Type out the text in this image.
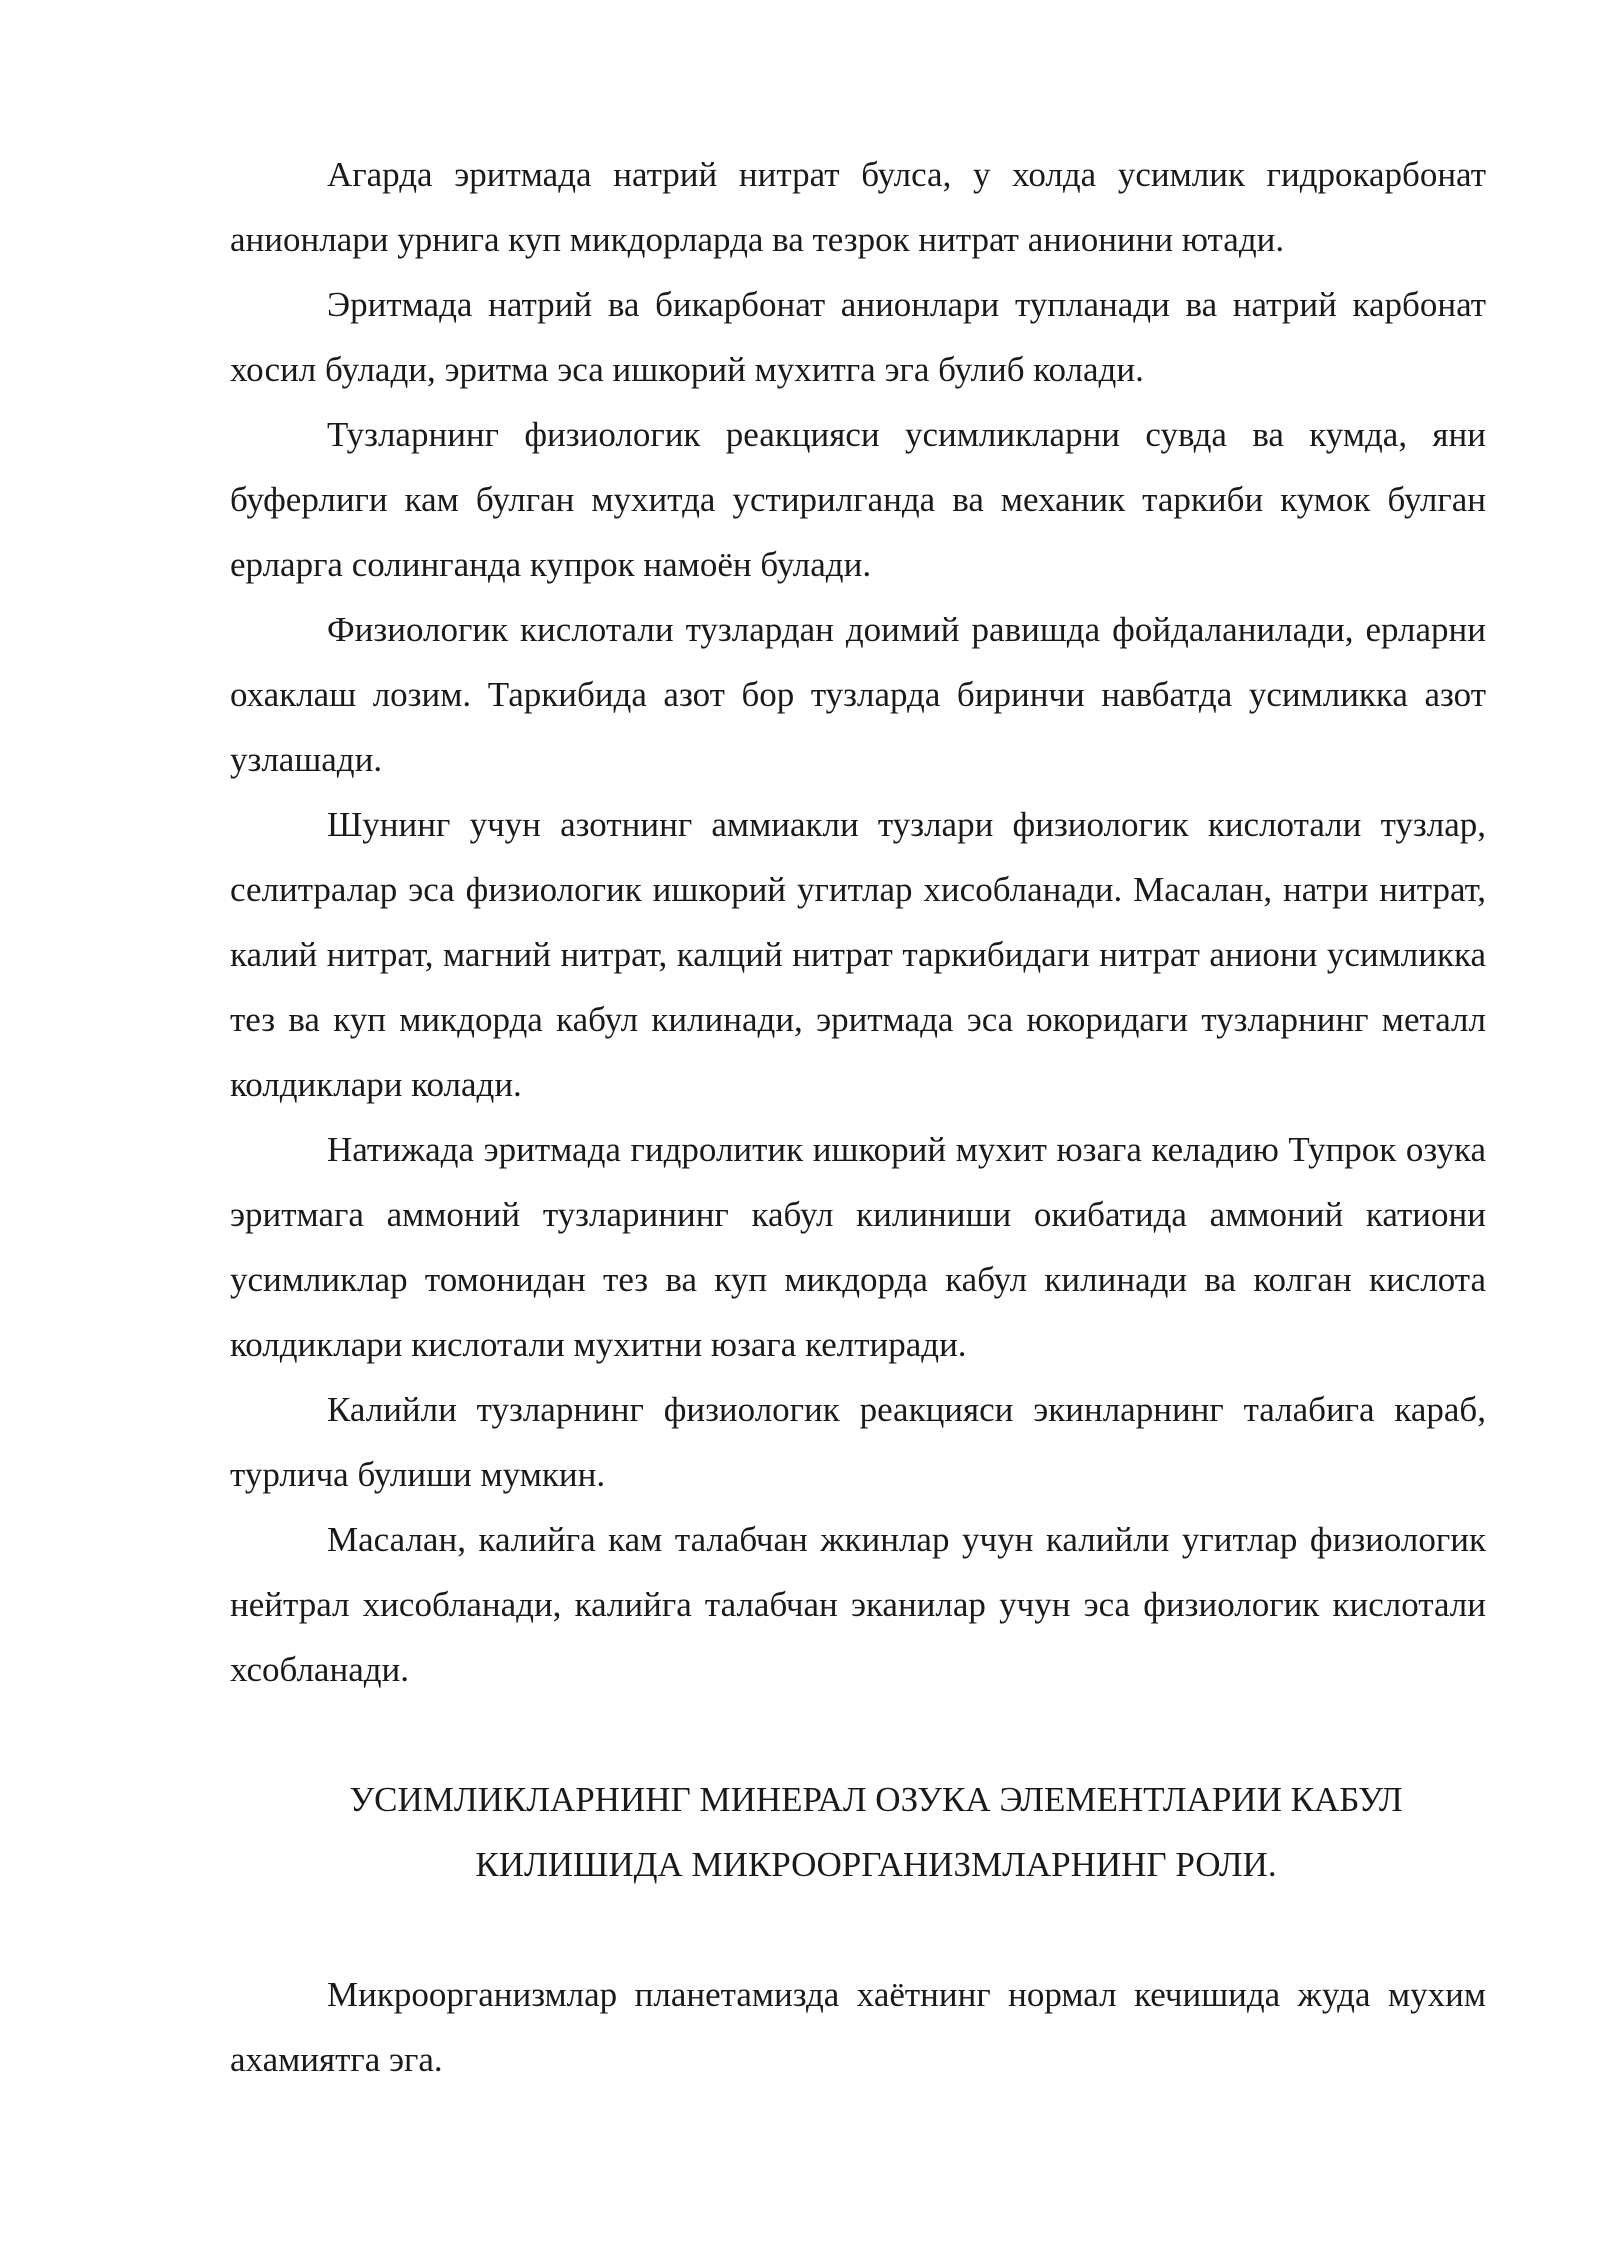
Агарда эритмада натрий нитрат булса, у холда усимлик гидрокарбонат анионлари урнига куп микдорларда ва тезрок нитрат анионини ютади.

Эритмада натрий ва бикарбонат анионлари тупланади ва натрий карбонат хосил булади, эритма эса ишкорий мухитга эга булиб колади.

Тузларнинг физиологик реакцияси усимликларни сувда ва кумда, яни буферлиги кам булган мухитда устирилганда ва механик таркиби кумок булган ерларга солинганда купрок намоён булади.

Физиологик кислотали тузлардан доимий равишда фойдаланилади, ерларни охаклаш лозим. Таркибида азот бор тузларда биринчи навбатда усимликка азот узлашади.

Шунинг учун азотнинг аммиакли тузлари физиологик кислотали тузлар, селитралар эса физиологик ишкорий угитлар хисобланади. Масалан, натри нитрат, калий нитрат, магний нитрат, калций нитрат таркибидаги нитрат аниони усимликка тез ва куп микдорда кабул килинади, эритмада эса юкоридаги тузларнинг металл колдиклари колади.

Натижада эритмада гидролитик ишкорий мухит юзага келадию Тупрок озука эритмага аммоний тузларининг кабул килиниши окибатида аммоний катиони усимликлар томонидан тез ва куп микдорда кабул килинади ва колган кислота колдиклари кислотали мухитни юзага келтиради.

Калийли тузларнинг физиологик реакцияси экинларнинг талабига караб, турлича булиши мумкин.

Масалан, калийга кам талабчан жкинлар учун калийли угитлар физиологик нейтрал хисобланади, калийга талабчан эканилар учун эса физиологик кислотали хсобланади.

УСИМЛИКЛАРНИНГ МИНЕРАЛ ОЗУКА ЭЛЕМЕНТЛАРИИ КАБУЛ
КИЛИШИДА МИКРООРГАНИЗМЛАРНИНГ РОЛИ.

Микроорганизмлар планетамизда хаётнинг нормал кечишида жуда мухим ахамиятга эга.
